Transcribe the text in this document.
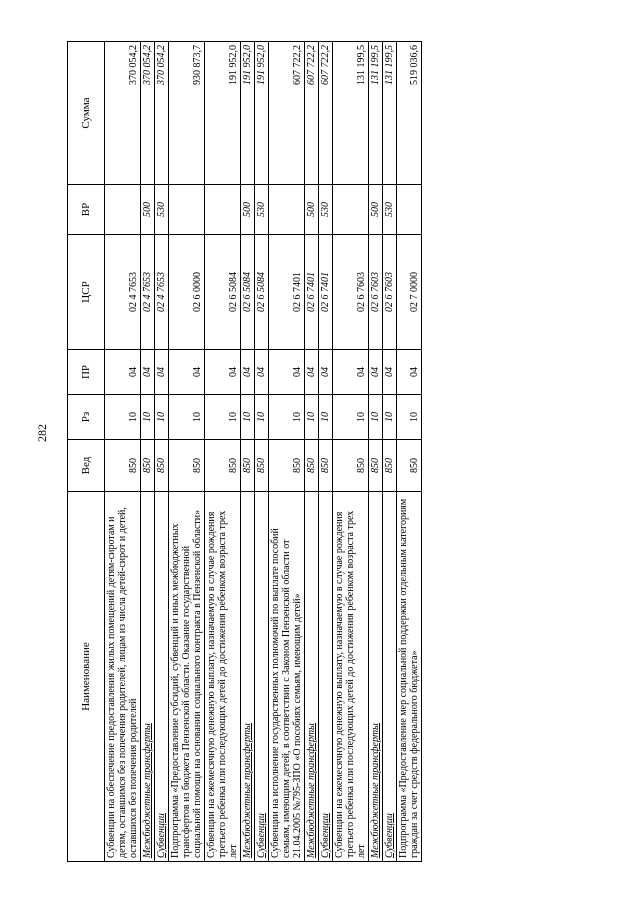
282
Наименование	Вед	Рз	ПР	ЦСР	ВР	Сумма
Субвенции на обеспечение предоставления жилых помещений детям-сиротам и детям, оставшимся без попечения родителей, лицам из числа детей-сирот и детей, оставшихся без попечения родителей	850	10	04	02 4 7653		370 054,2
Межбюджетные трансферты	850	10	04	02 4 7653	500	370 054,2
Субвенции	850	10	04	02 4 7653	530	370 054,2
Подпрограмма «Предоставление субсидий, субвенций и иных межбюджетных трансфертов из бюджета Пензенской области. Оказание государственной социальной помощи на основании социального контракта в Пензенской области»	850	10	04	02 6 0000		930 873,7
Субвенции на ежемесячную денежную выплату, назначаемую в случае рождения третьего ребенка или последующих детей до достижения ребенком возраста трех лет	850	10	04	02 6 5084		191 952,0
Межбюджетные трансферты	850	10	04	02 6 5084	500	191 952,0
Субвенции	850	10	04	02 6 5084	530	191 952,0
Субвенции на исполнение государственных полномочий по выплате пособий семьям, имеющим детей, в соответствии с Законом Пензенской области от 21.04.2005 №795-ЗПО «О пособиях семьям, имеющим детей»	850	10	04	02 6 7401		607 722,2
Межбюджетные трансферты	850	10	04	02 6 7401	500	607 722,2
Субвенции	850	10	04	02 6 7401	530	607 722,2
Субвенции на ежемесячную денежную выплату, назначаемую в случае рождения третьего ребенка или последующих детей до достижения ребенком возраста трех лет	850	10	04	02 6 7603		131 199,5
Межбюджетные трансферты	850	10	04	02 6 7603	500	131 199,5
Субвенции	850	10	04	02 6 7603	530	131 199,5
Подпрограмма «Предоставление мер социальной поддержки отдельным категориям граждан за счет средств федерального бюджета»	850	10	04	02 7 0000		519 036,6
